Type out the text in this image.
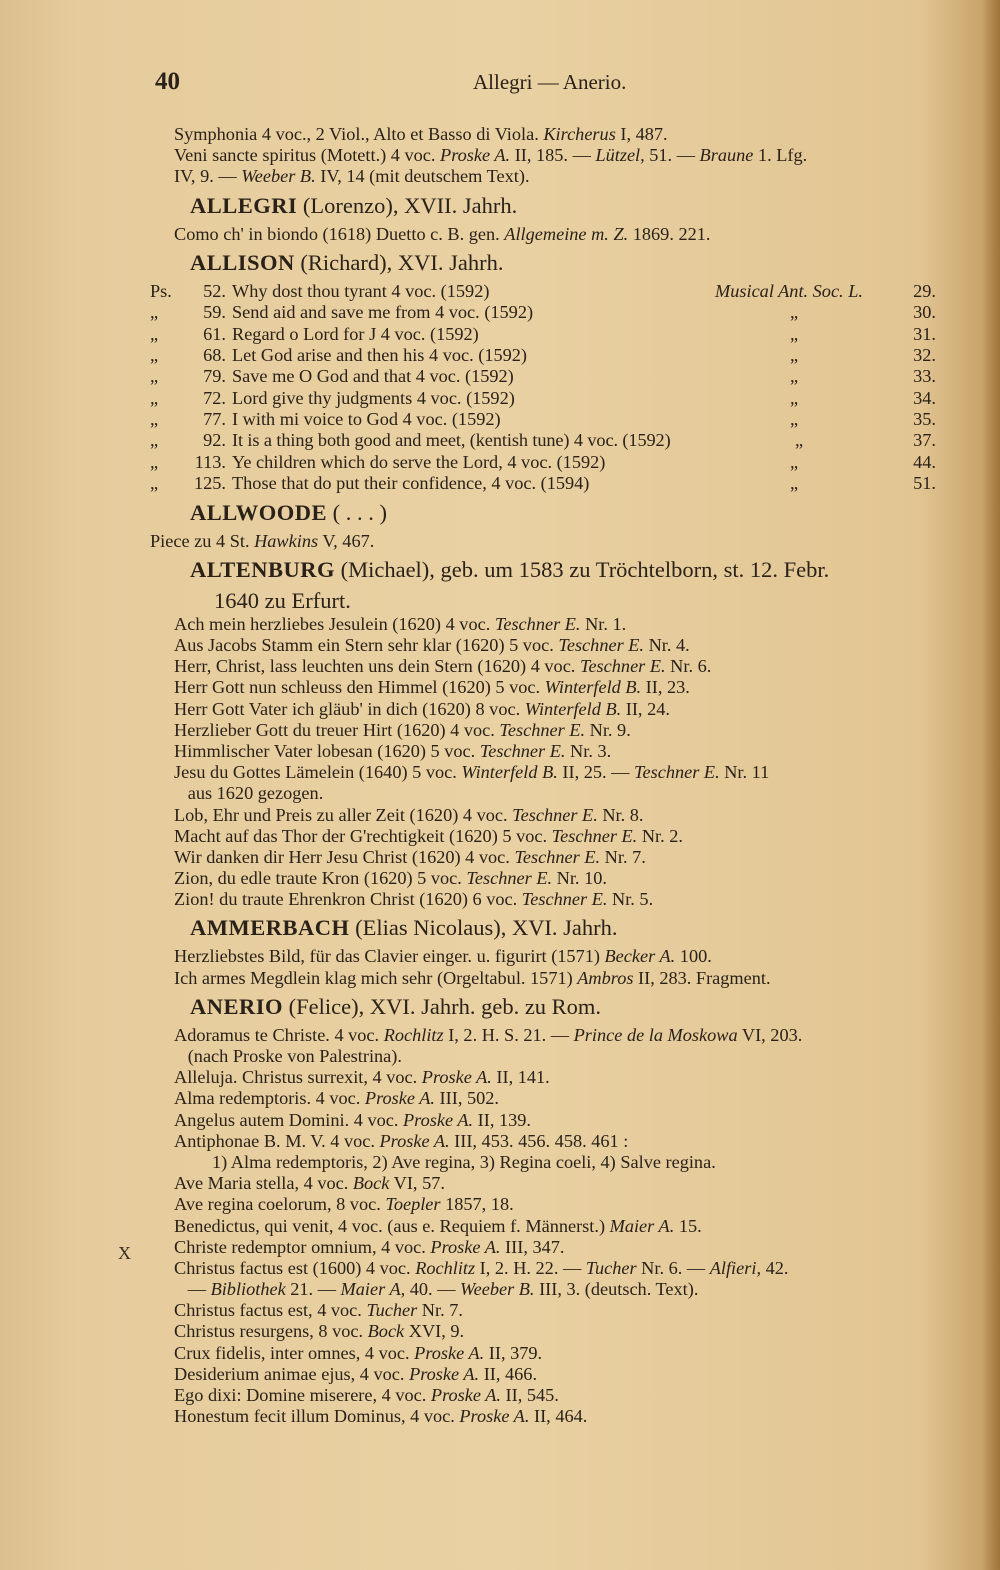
40	Allegri — Anerio.
Symphonia 4 voc., 2 Viol., Alto et Basso di Viola. Kircherus I, 487.
Veni sancte spiritus (Motett.) 4 voc. Proske A. II, 185. — Lützel, 51. — Braune 1. Lfg.
IV, 9. — Weeber B. IV, 14 (mit deutschem Text).
ALLEGRI (Lorenzo), XVII. Jahrh.
Como ch' in biondo (1618) Duetto c. B. gen. Allgemeine m. Z. 1869. 221.
ALLISON (Richard), XVI. Jahrh.
Ps.	52. Why dost thou tyrant 4 voc. (1592)	Musical Ant. Soc. L.	29.
„	59. Send aid and save me from 4 voc. (1592)	„	30.
„	61. Regard o Lord for J 4 voc. (1592)	„	31.
„	68. Let God arise and then his 4 voc. (1592)	„	32.
„	79. Save me O God and that 4 voc. (1592)	„	33.
„	72. Lord give thy judgments 4 voc. (1592)	„	34.
„	77. I with mi voice to God 4 voc. (1592)	„	35.
„	92. It is a thing both good and meet, (kentish tune) 4 voc. (1592)	„	37.
„	113. Ye children which do serve the Lord, 4 voc. (1592)	„	44.
„	125. Those that do put their confidence, 4 voc. (1594)	„	51.
ALLWOODE ( . . . )
Piece zu 4 St. Hawkins V, 467.
ALTENBURG (Michael), geb. um 1583 zu Tröchtelborn, st. 12. Febr.
1640 zu Erfurt.
Ach mein herzliebes Jesulein (1620) 4 voc. Teschner E. Nr. 1.
Aus Jacobs Stamm ein Stern sehr klar (1620) 5 voc. Teschner E. Nr. 4.
Herr, Christ, lass leuchten uns dein Stern (1620) 4 voc. Teschner E. Nr. 6.
Herr Gott nun schleuss den Himmel (1620) 5 voc. Winterfeld B. II, 23.
Herr Gott Vater ich gläub' in dich (1620) 8 voc. Winterfeld B. II, 24.
Herzlieber Gott du treuer Hirt (1620) 4 voc. Teschner E. Nr. 9.
Himmlischer Vater lobesan (1620) 5 voc. Teschner E. Nr. 3.
Jesu du Gottes Lämelein (1640) 5 voc. Winterfeld B. II, 25. — Teschner E. Nr. 11
aus 1620 gezogen.
Lob, Ehr und Preis zu aller Zeit (1620) 4 voc. Teschner E. Nr. 8.
Macht auf das Thor der G'rechtigkeit (1620) 5 voc. Teschner E. Nr. 2.
Wir danken dir Herr Jesu Christ (1620) 4 voc. Teschner E. Nr. 7.
Zion, du edle traute Kron (1620) 5 voc. Teschner E. Nr. 10.
Zion! du traute Ehrenkron Christ (1620) 6 voc. Teschner E. Nr. 5.
AMMERBACH (Elias Nicolaus), XVI. Jahrh.
Herzliebstes Bild, für das Clavier einger. u. figurirt (1571) Becker A. 100.
Ich armes Megdlein klag mich sehr (Orgeltabul. 1571) Ambros II, 283. Fragment.
ANERIO (Felice), XVI. Jahrh. geb. zu Rom.
Adoramus te Christe. 4 voc. Rochlitz I, 2. H. S. 21. — Prince de la Moskowa VI, 203.
(nach Proske von Palestrina).
Alleluja. Christus surrexit, 4 voc. Proske A. II, 141.
Alma redemptoris. 4 voc. Proske A. III, 502.
Angelus autem Domini. 4 voc. Proske A. II, 139.
Antiphonae B. M. V. 4 voc. Proske A. III, 453. 456. 458. 461 :
1) Alma redemptoris, 2) Ave regina, 3) Regina coeli, 4) Salve regina.
Ave Maria stella, 4 voc. Bock VI, 57.
Ave regina coelorum, 8 voc. Toepler 1857, 18.
Benedictus, qui venit, 4 voc. (aus e. Requiem f. Männerst.) Maier A. 15.
Christe redemptor omnium, 4 voc. Proske A. III, 347.
Christus factus est (1600) 4 voc. Rochlitz I, 2. H. 22. — Tucher Nr. 6. — Alfieri, 42.
— Bibliothek 21. — Maier A, 40. — Weeber B. III, 3. (deutsch. Text).
Christus factus est, 4 voc. Tucher Nr. 7.
Christus resurgens, 8 voc. Bock XVI, 9.
Crux fidelis, inter omnes, 4 voc. Proske A. II, 379.
Desiderium animae ejus, 4 voc. Proske A. II, 466.
Ego dixi: Domine miserere, 4 voc. Proske A. II, 545.
Honestum fecit illum Dominus, 4 voc. Proske A. II, 464.
X
